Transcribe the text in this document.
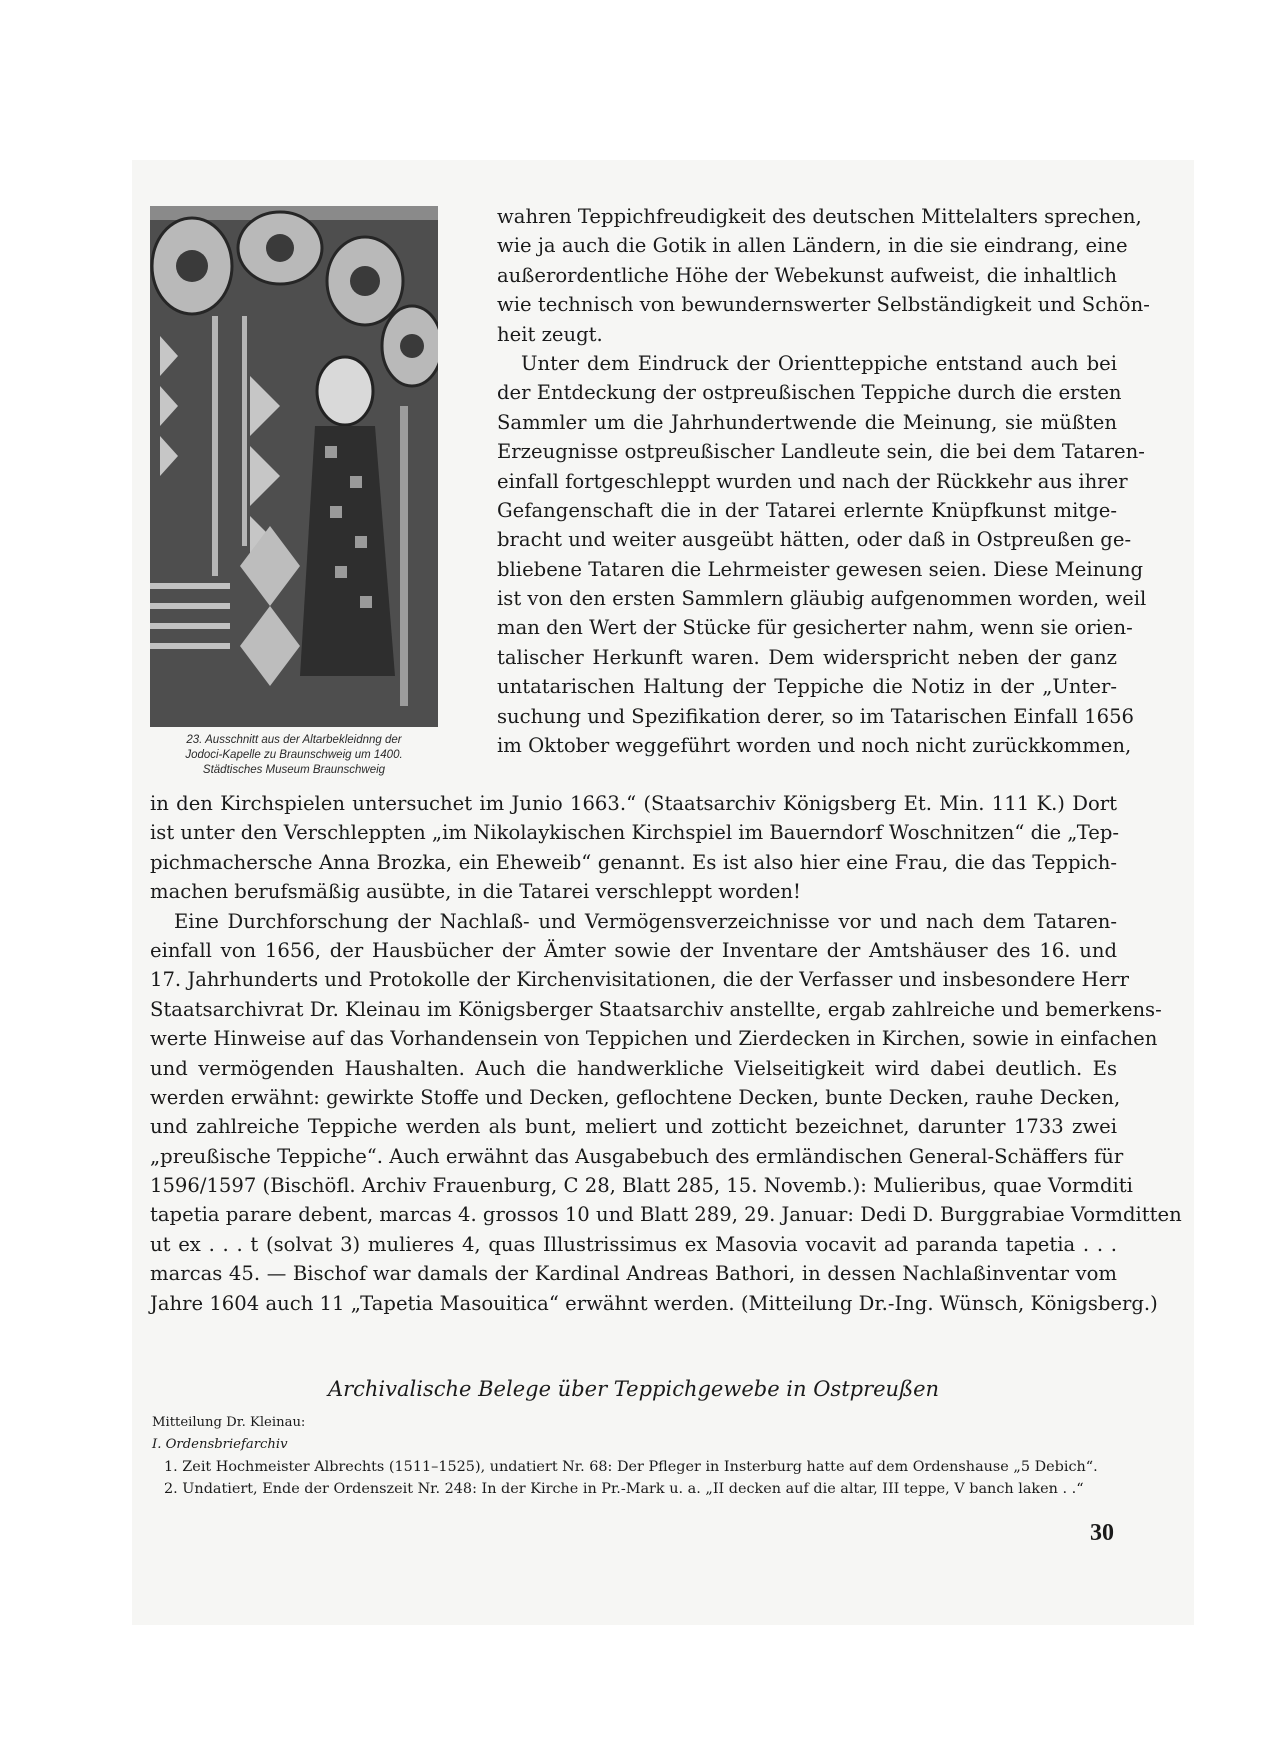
23. Ausschnitt aus der Altarbekleidnng der
Jodoci-Kapelle zu Braunschweig um 1400.
Städtisches Museum Braunschweig
wahren Teppichfreudigkeit des deutschen Mittelalters sprechen,
wie ja auch die Gotik in allen Ländern, in die sie eindrang, eine
außerordentliche Höhe der Webekunst aufweist, die inhaltlich
wie technisch von bewundernswerter Selbständigkeit und Schön-
heit zeugt.
Unter dem Eindruck der Orientteppiche entstand auch bei
der Entdeckung der ostpreußischen Teppiche durch die ersten
Sammler um die Jahrhundertwende die Meinung, sie müßten
Erzeugnisse ostpreußischer Landleute sein, die bei dem Tataren-
einfall fortgeschleppt wurden und nach der Rückkehr aus ihrer
Gefangenschaft die in der Tatarei erlernte Knüpfkunst mitge-
bracht und weiter ausgeübt hätten, oder daß in Ostpreußen ge-
bliebene Tataren die Lehrmeister gewesen seien. Diese Meinung
ist von den ersten Sammlern gläubig aufgenommen worden, weil
man den Wert der Stücke für gesicherter nahm, wenn sie orien-
talischer Herkunft waren. Dem widerspricht neben der ganz
untatarischen Haltung der Teppiche die Notiz in der „Unter-
suchung und Spezifikation derer, so im Tatarischen Einfall 1656
im Oktober weggeführt worden und noch nicht zurückkommen,
in den Kirchspielen untersuchet im Junio 1663.“ (Staatsarchiv Königsberg Et. Min. 111 K.) Dort
ist unter den Verschleppten „im Nikolaykischen Kirchspiel im Bauerndorf Woschnitzen“ die „Tep-
pichmachersche Anna Brozka, ein Eheweib“ genannt. Es ist also hier eine Frau, die das Teppich-
machen berufsmäßig ausübte, in die Tatarei verschleppt worden!
Eine Durchforschung der Nachlaß- und Vermögensverzeichnisse vor und nach dem Tataren-
einfall von 1656, der Hausbücher der Ämter sowie der Inventare der Amtshäuser des 16. und
17. Jahrhunderts und Protokolle der Kirchenvisitationen, die der Verfasser und insbesondere Herr
Staatsarchivrat Dr. Kleinau im Königsberger Staatsarchiv anstellte, ergab zahlreiche und bemerkens-
werte Hinweise auf das Vorhandensein von Teppichen und Zierdecken in Kirchen, sowie in einfachen
und vermögenden Haushalten. Auch die handwerkliche Vielseitigkeit wird dabei deutlich. Es
werden erwähnt: gewirkte Stoffe und Decken, geflochtene Decken, bunte Decken, rauhe Decken,
und zahlreiche Teppiche werden als bunt, meliert und zotticht bezeichnet, darunter 1733 zwei
„preußische Teppiche“. Auch erwähnt das Ausgabebuch des ermländischen General-Schäffers für
1596/1597 (Bischöfl. Archiv Frauenburg, C 28, Blatt 285, 15. Novemb.): Mulieribus, quae Vormditi
tapetia parare debent, marcas 4. grossos 10 und Blatt 289, 29. Januar: Dedi D. Burggrabiae Vormditten
ut ex . . . t (solvat 3) mulieres 4, quas Illustrissimus ex Masovia vocavit ad paranda tapetia . . .
marcas 45. — Bischof war damals der Kardinal Andreas Bathori, in dessen Nachlaßinventar vom
Jahre 1604 auch 11 „Tapetia Masouitica“ erwähnt werden. (Mitteilung Dr.-Ing. Wünsch, Königsberg.)
Archivalische Belege über Teppichgewebe in Ostpreußen
Mitteilung Dr. Kleinau:
I. Ordensbriefarchiv
1. Zeit Hochmeister Albrechts (1511–1525), undatiert Nr. 68: Der Pfleger in Insterburg hatte auf dem Ordenshause „5 Debich“.
2. Undatiert, Ende der Ordenszeit Nr. 248: In der Kirche in Pr.-Mark u. a. „II decken auf die altar, III teppe, V banch laken . .“
30
